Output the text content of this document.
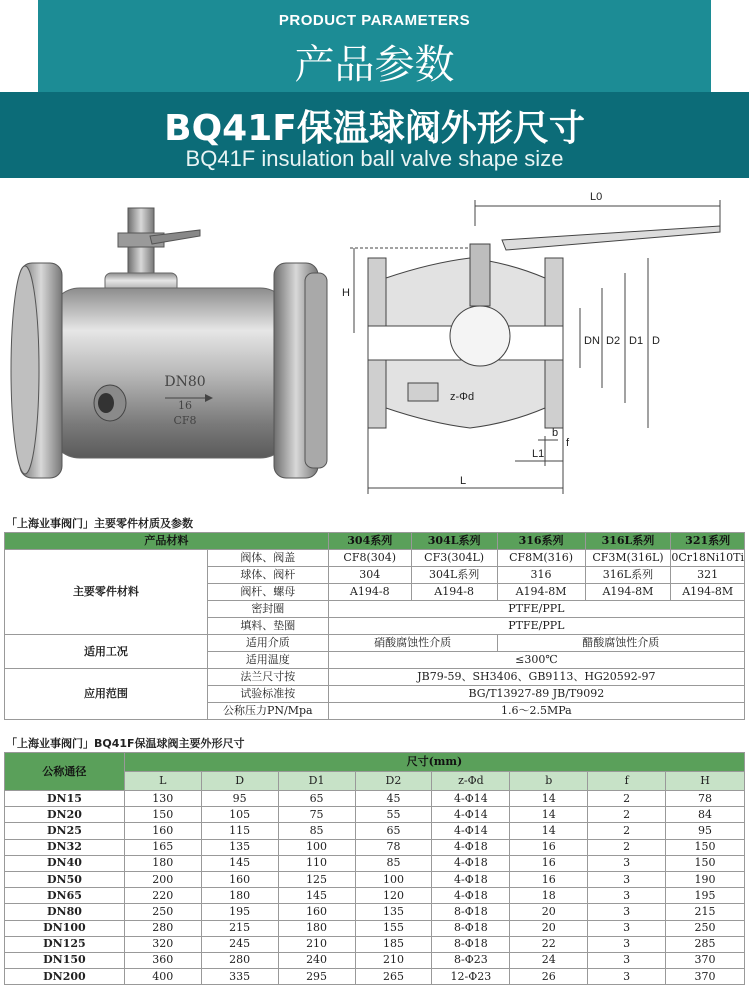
PRODUCT PARAMETERS
产品参数
BQ41F保温球阀外形尺寸
BQ41F insulation ball valve shape size
DN80
16
CF8
L0
H
DN D2 D1 D
z-Φd
b
f
L1
L
「上海业事阀门」主要零件材质及参数
产品材料		304系列	304L系列	316系列	316L系列	321系列
主要零件材料	阀体、阀盖	CF8(304)	CF3(304L)	CF8M(316)	CF3M(316L)	0Cr18Ni10Ti
	球体、阀杆	304	304L系列	316	316L系列	321
	阀杆、螺母	A194-8	A194-8	A194-8M	A194-8M	A194-8M
	密封圈	PTFE/PPL				
	填料、垫圈	PTFE/PPL				
适用工况	适用介质	硝酸腐蚀性介质		醋酸腐蚀性介质		
	适用温度	≤300℃				
应用范围	法兰尺寸按	JB79-59、SH3406、GB9113、HG20592-97				
	试验标准按	BG/T13927-89 JB/T9092				
	公称压力PN/Mpa	1.6～2.5MPa				
「上海业事阀门」BQ41F保温球阀主要外形尺寸
公称通径	尺寸(mm)							
	L	D	D1	D2	z-Φd	b	f	H
DN15	130	95	65	45	4-Φ14	14	2	78
DN20	150	105	75	55	4-Φ14	14	2	84
DN25	160	115	85	65	4-Φ14	14	2	95
DN32	165	135	100	78	4-Φ18	16	2	150
DN40	180	145	110	85	4-Φ18	16	3	150
DN50	200	160	125	100	4-Φ18	16	3	190
DN65	220	180	145	120	4-Φ18	18	3	195
DN80	250	195	160	135	8-Φ18	20	3	215
DN100	280	215	180	155	8-Φ18	20	3	250
DN125	320	245	210	185	8-Φ18	22	3	285
DN150	360	280	240	210	8-Φ23	24	3	370
DN200	400	335	295	265	12-Φ23	26	3	370
